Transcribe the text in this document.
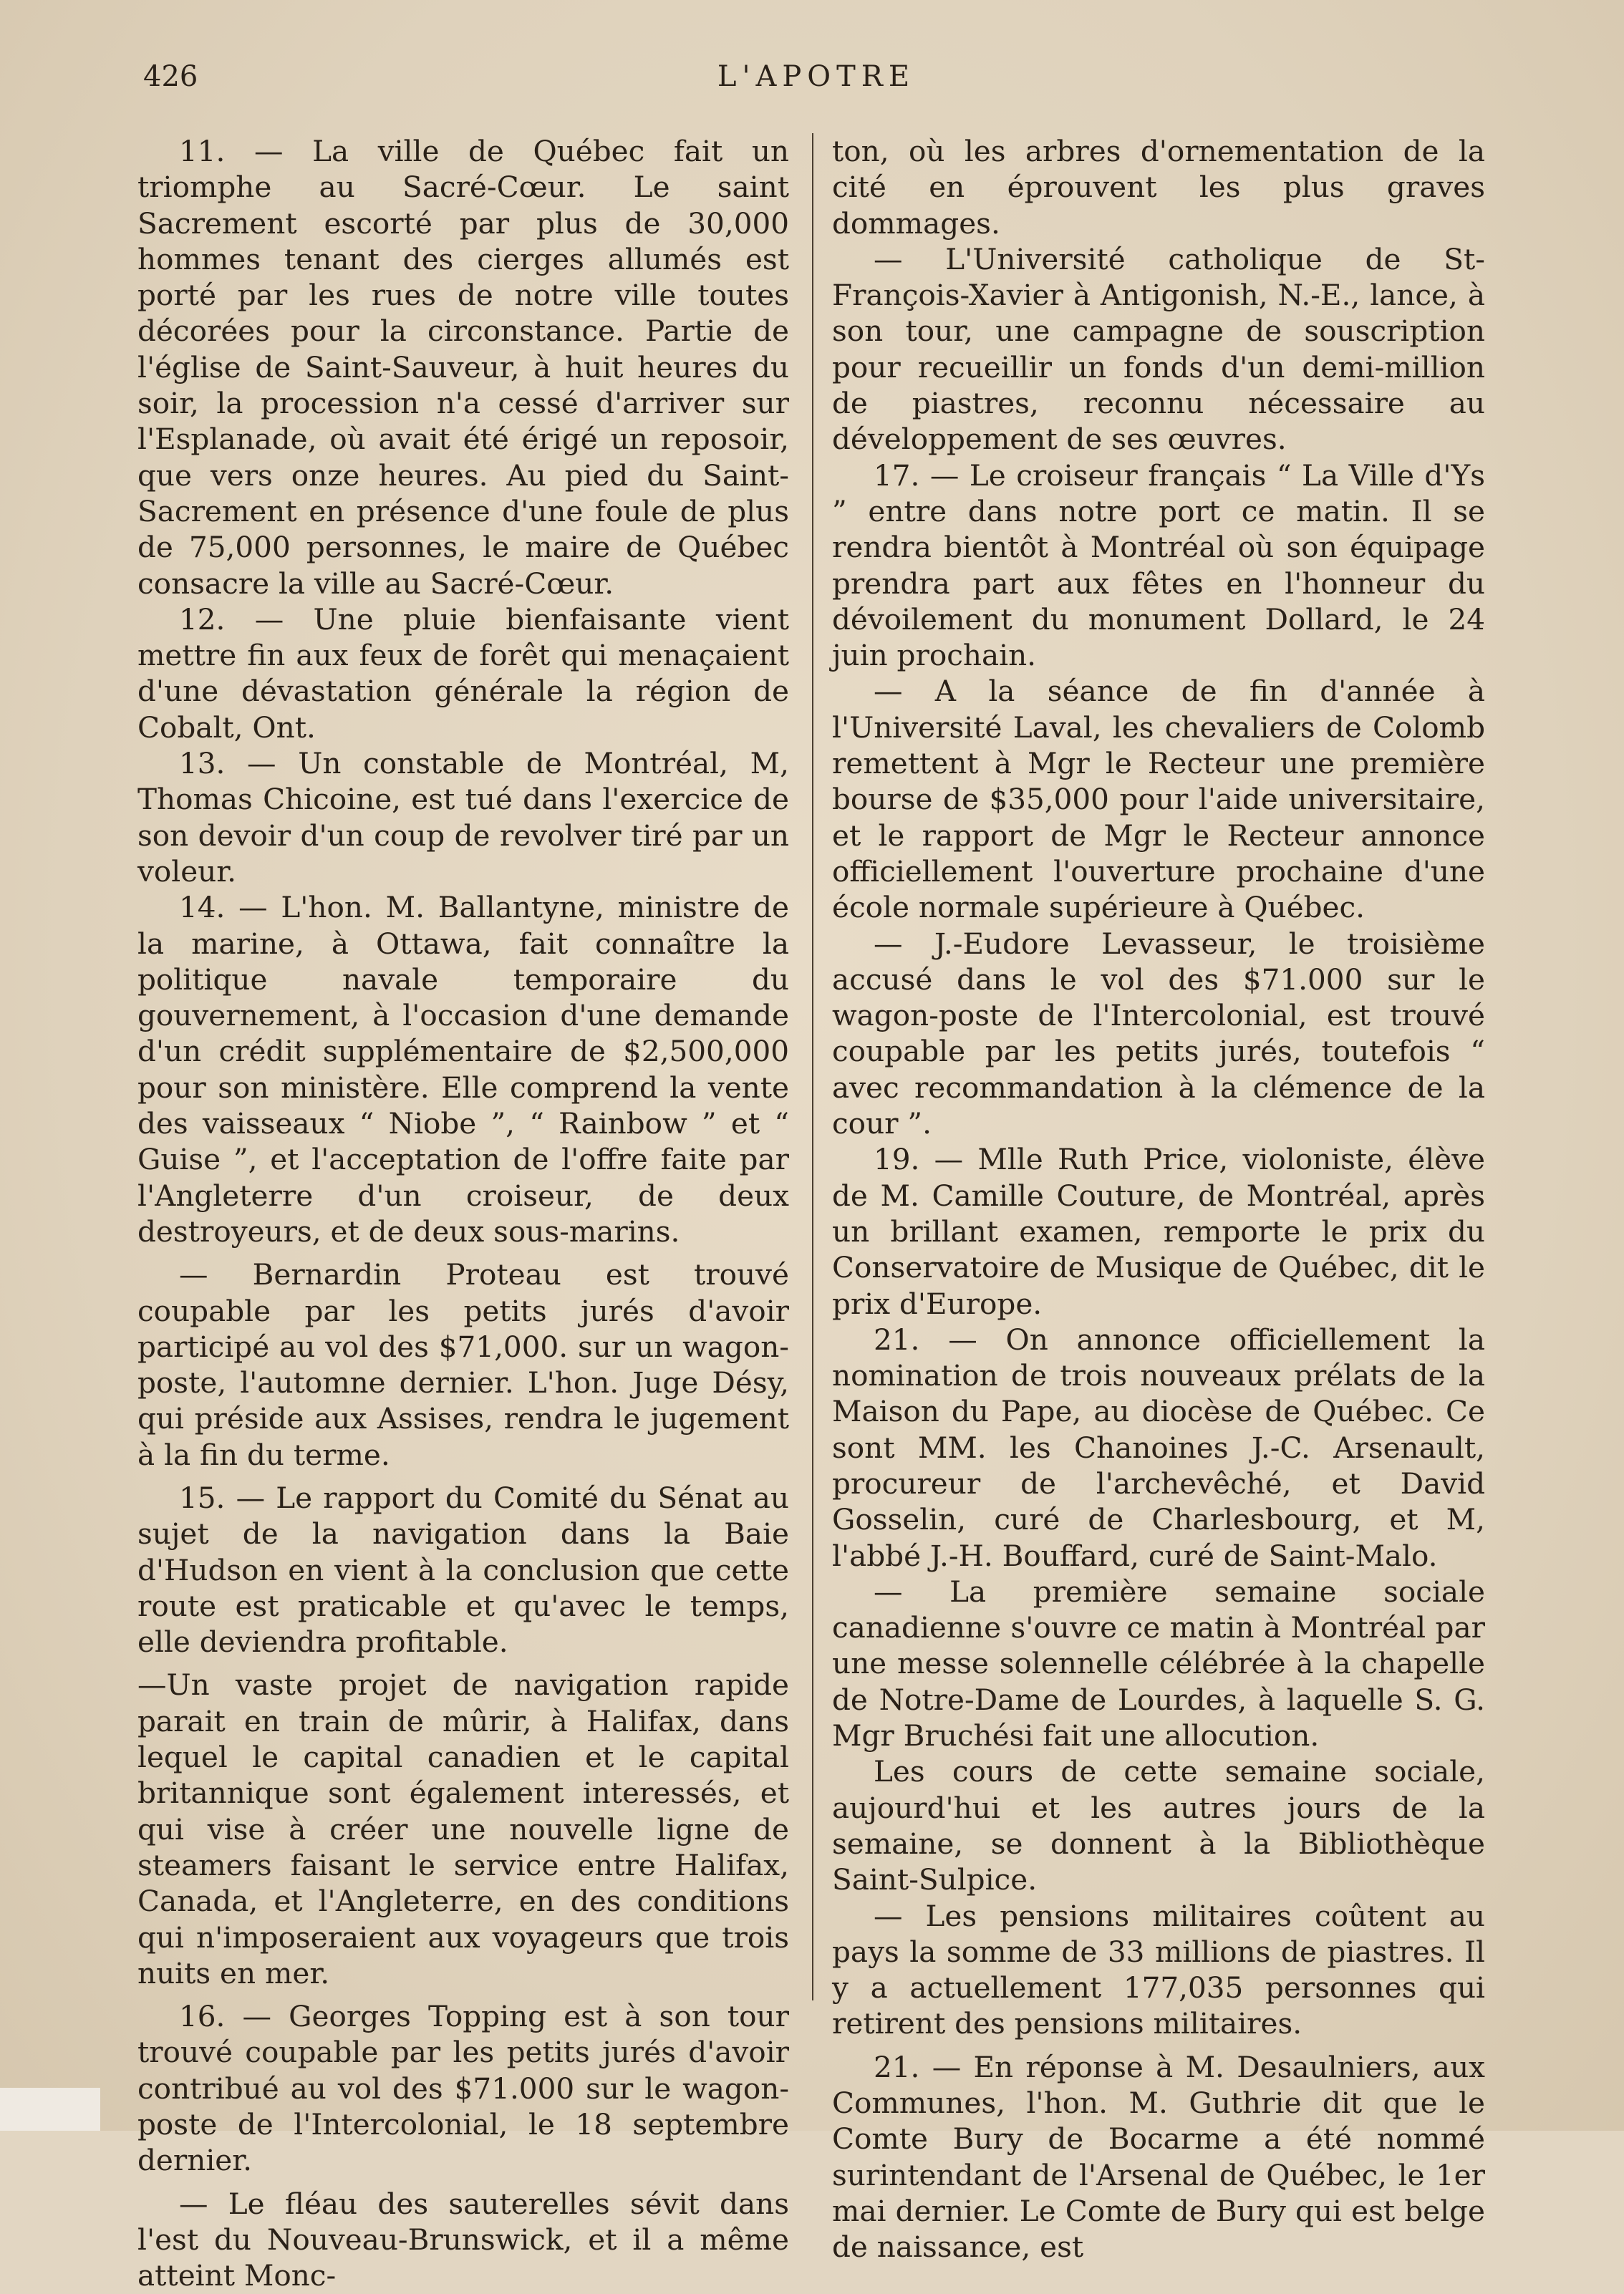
426	L'APOTRE

11. — La ville de Québec fait un triomphe au Sacré-Cœur. Le saint Sacrement escorté par plus de 30,000 hommes tenant des cierges allumés est porté par les rues de notre ville toutes décorées pour la circonstance. Partie de l'église de Saint-Sauveur, à huit heures du soir, la procession n'a cessé d'arriver sur l'Esplanade, où avait été érigé un reposoir, que vers onze heures. Au pied du Saint-Sacrement en présence d'une foule de plus de 75,000 personnes, le maire de Québec consacre la ville au Sacré-Cœur.

12. — Une pluie bienfaisante vient mettre fin aux feux de forêt qui menaçaient d'une dévastation générale la région de Cobalt, Ont.

13. — Un constable de Montréal, M, Thomas Chicoine, est tué dans l'exercice de son devoir d'un coup de revolver tiré par un voleur.

14. — L'hon. M. Ballantyne, ministre de la marine, à Ottawa, fait connaître la politique navale temporaire du gouvernement, à l'occasion d'une demande d'un crédit supplémentaire de $2,500,000 pour son ministère. Elle comprend la vente des vaisseaux “ Niobe ”, “ Rainbow ” et “ Guise ”, et l'acceptation de l'offre faite par l'Angleterre d'un croiseur, de deux destroyeurs, et de deux sous-marins.

— Bernardin Proteau est trouvé coupable par les petits jurés d'avoir participé au vol des $71,000. sur un wagon-poste, l'automne dernier. L'hon. Juge Désy, qui préside aux Assises, rendra le jugement à la fin du terme.

15. — Le rapport du Comité du Sénat au sujet de la navigation dans la Baie d'Hudson en vient à la conclusion que cette route est praticable et qu'avec le temps, elle deviendra profitable.

—Un vaste projet de navigation rapide parait en train de mûrir, à Halifax, dans lequel le capital canadien et le capital britannique sont également interessés, et qui vise à créer une nouvelle ligne de steamers faisant le service entre Halifax, Canada, et l'Angleterre, en des conditions qui n'imposeraient aux voyageurs que trois nuits en mer.

16. — Georges Topping est à son tour trouvé coupable par les petits jurés d'avoir contribué au vol des $71.000 sur le wagon-poste de l'Intercolonial, le 18 septembre dernier.

— Le fléau des sauterelles sévit dans l'est du Nouveau-Brunswick, et il a même atteint Monc-

ton, où les arbres d'ornementation de la cité en éprouvent les plus graves dommages.

— L'Université catholique de St-François-Xavier à Antigonish, N.-E., lance, à son tour, une campagne de souscription pour recueillir un fonds d'un demi-million de piastres, reconnu nécessaire au développement de ses œuvres.

17. — Le croiseur français “ La Ville d'Ys ” entre dans notre port ce matin. Il se rendra bientôt à Montréal où son équipage prendra part aux fêtes en l'honneur du dévoilement du monument Dollard, le 24 juin prochain.

— A la séance de fin d'année à l'Université Laval, les chevaliers de Colomb remettent à Mgr le Recteur une première bourse de $35,000 pour l'aide universitaire, et le rapport de Mgr le Recteur annonce officiellement l'ouverture prochaine d'une école normale supérieure à Québec.

— J.-Eudore Levasseur, le troisième accusé dans le vol des $71.000 sur le wagon-poste de l'Intercolonial, est trouvé coupable par les petits jurés, toutefois “ avec recommandation à la clémence de la cour ”.

19. — Mlle Ruth Price, violoniste, élève de M. Camille Couture, de Montréal, après un brillant examen, remporte le prix du Conservatoire de Musique de Québec, dit le prix d'Europe.

21. — On annonce officiellement la nomination de trois nouveaux prélats de la Maison du Pape, au diocèse de Québec. Ce sont MM. les Chanoines J.-C. Arsenault, procureur de l'archevêché, et David Gosselin, curé de Charlesbourg, et M, l'abbé J.-H. Bouffard, curé de Saint-Malo.

— La première semaine sociale canadienne s'ouvre ce matin à Montréal par une messe solennelle célébrée à la chapelle de Notre-Dame de Lourdes, à laquelle S. G. Mgr Bruchési fait une allocution.

Les cours de cette semaine sociale, aujourd'hui et les autres jours de la semaine, se donnent à la Bibliothèque Saint-Sulpice.

— Les pensions militaires coûtent au pays la somme de 33 millions de piastres. Il y a actuellement 177,035 personnes qui retirent des pensions militaires.

21. — En réponse à M. Desaulniers, aux Communes, l'hon. M. Guthrie dit que le Comte Bury de Bocarme a été nommé surintendant de l'Arsenal de Québec, le 1er mai dernier. Le Comte de Bury qui est belge de naissance, est
